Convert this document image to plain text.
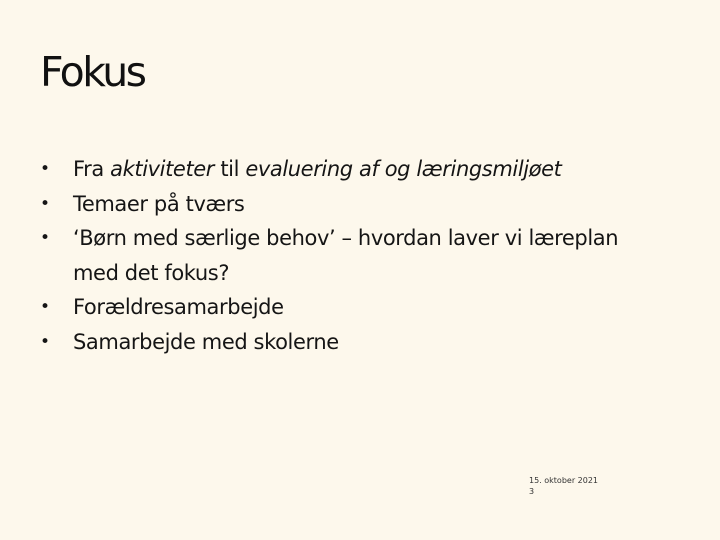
Fokus
•	Fra aktiviteter til evaluering af og læringsmiljøet
•	Temaer på tværs
•	‘Børn med særlige behov’ – hvordan laver vi læreplan med det fokus?
•	Forældresamarbejde
•	Samarbejde med skolerne
15. oktober 2021
3
